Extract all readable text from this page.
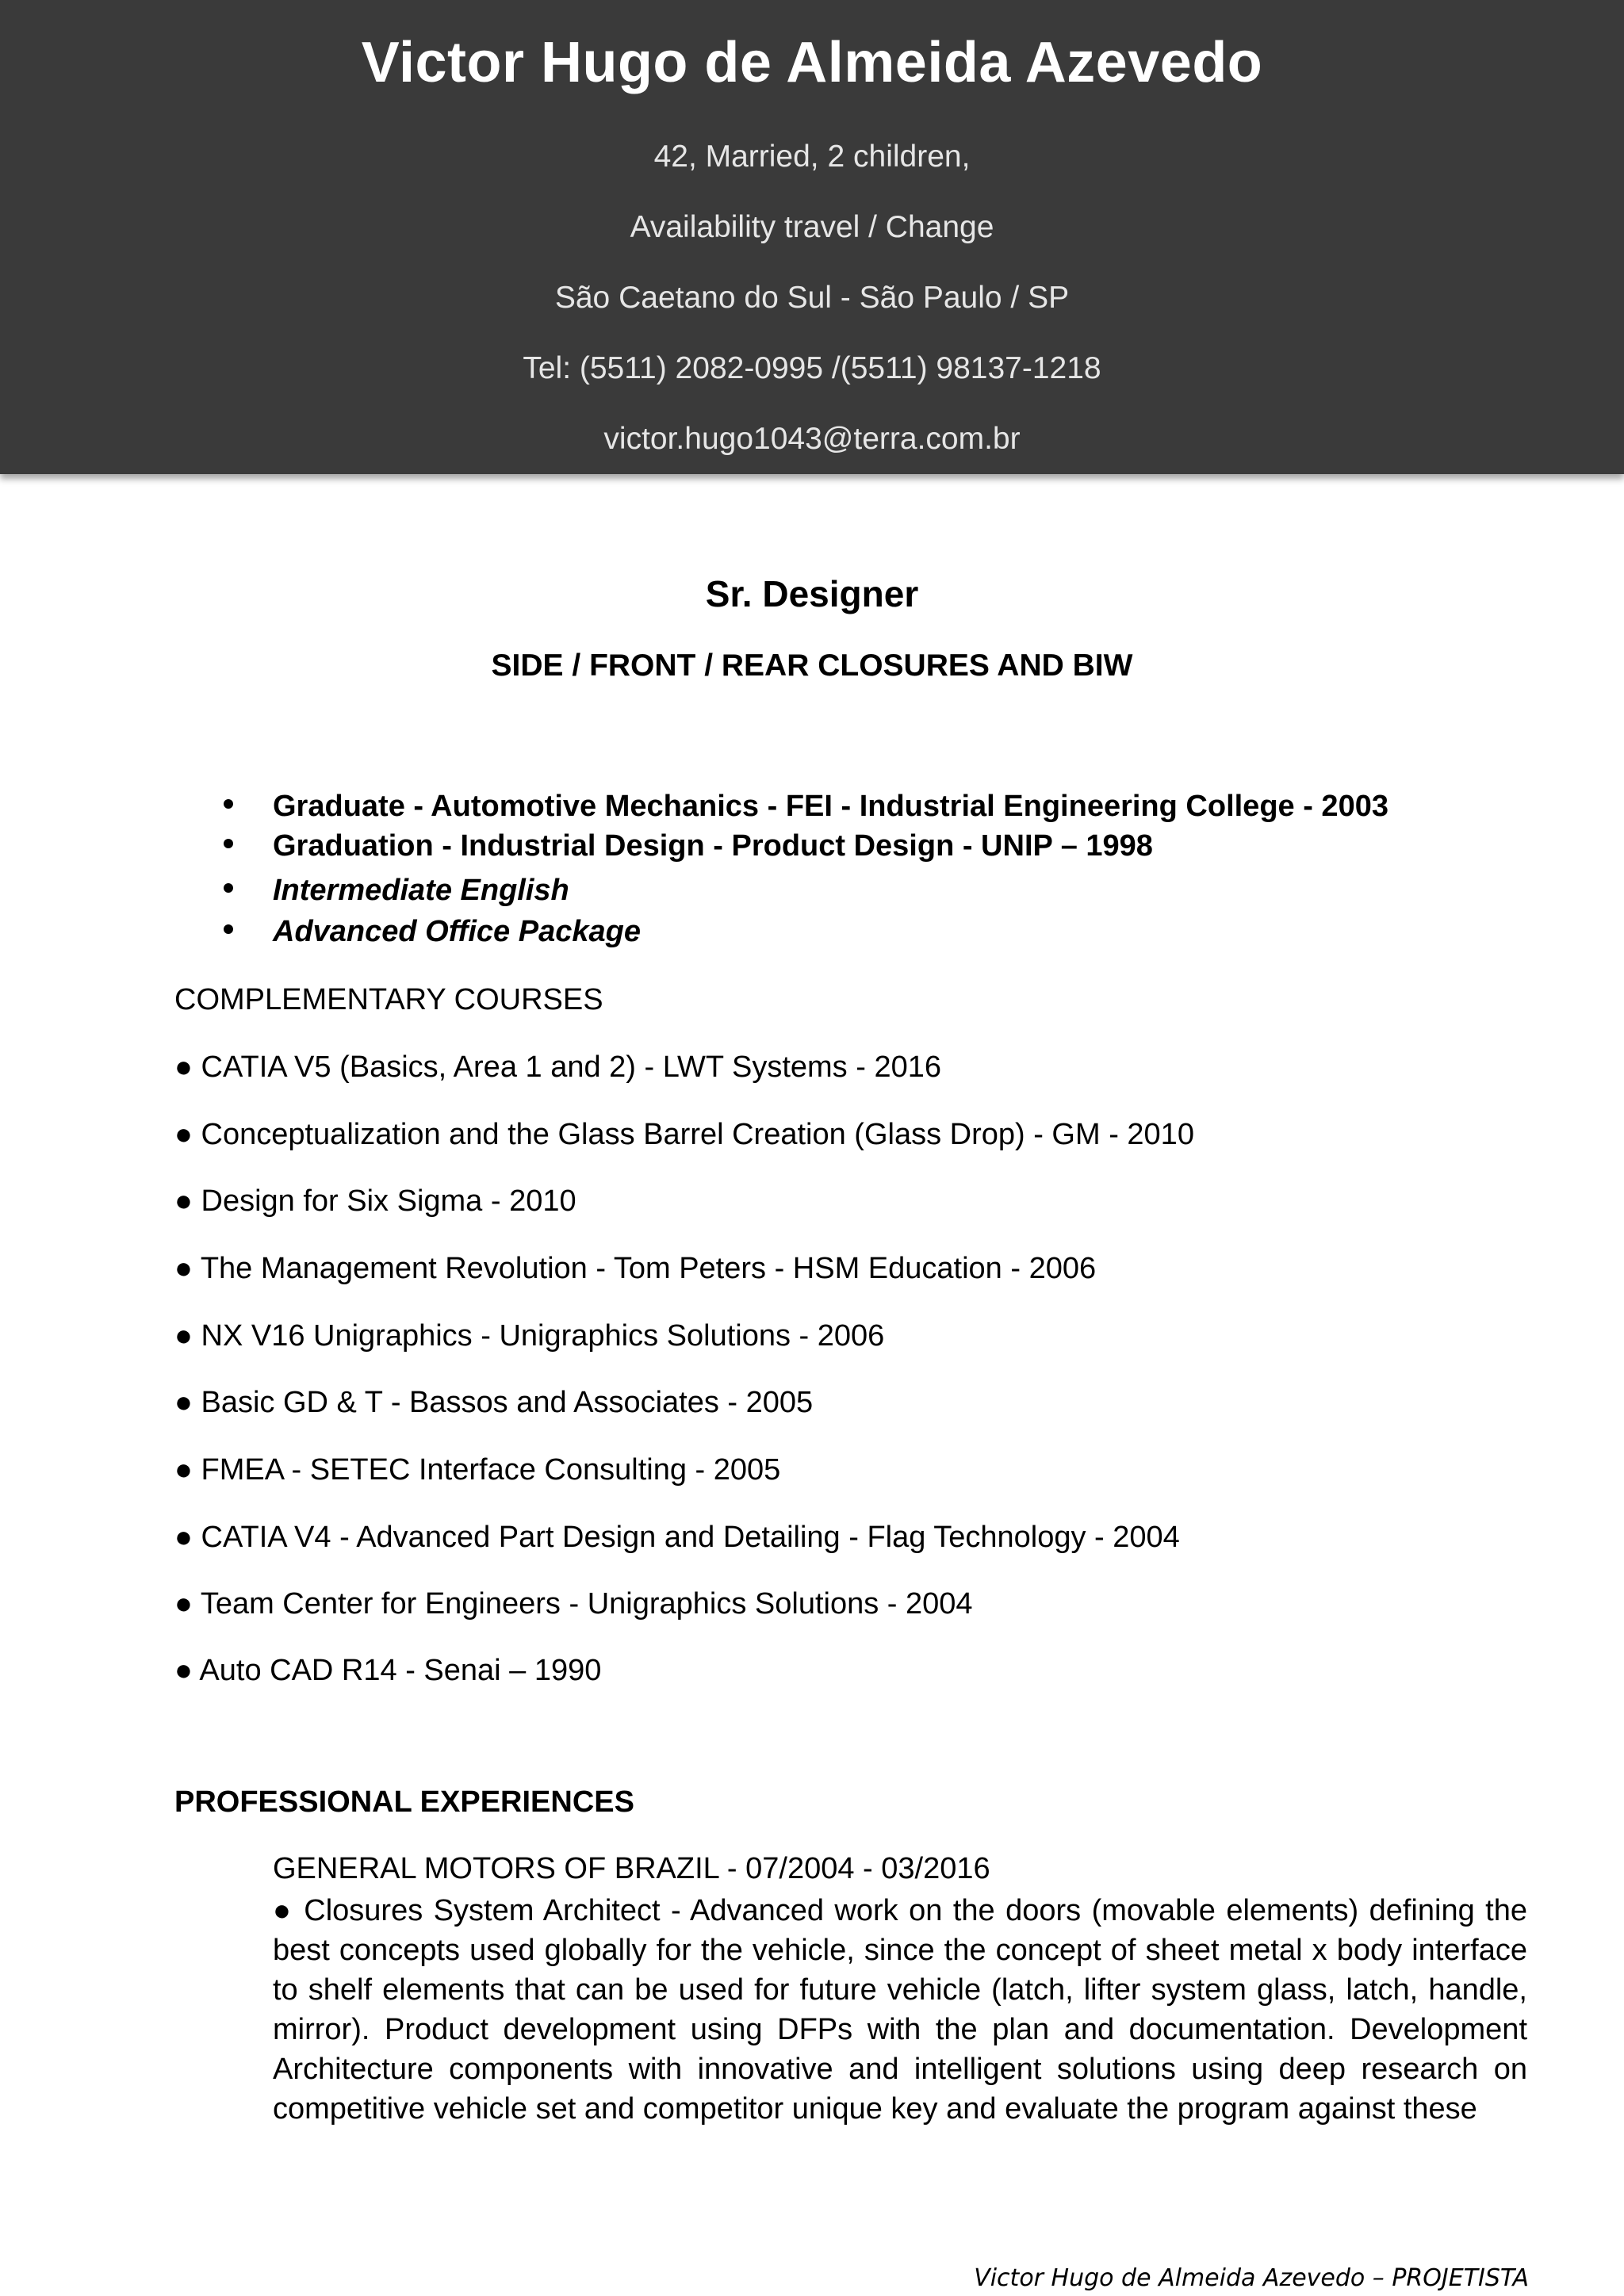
Victor Hugo de Almeida Azevedo
42, Married, 2 children,
Availability travel / Change
São Caetano do Sul - São Paulo / SP
Tel: (5511) 2082-0995 /(5511) 98137-1218
victor.hugo1043@terra.com.br
Sr. Designer
SIDE / FRONT / REAR CLOSURES AND BIW
Graduate - Automotive Mechanics - FEI - Industrial Engineering College - 2003
Graduation - Industrial Design - Product Design - UNIP – 1998
Intermediate English
Advanced Office Package
COMPLEMENTARY COURSES
● CATIA V5 (Basics, Area 1 and 2) - LWT Systems - 2016
● Conceptualization and the Glass Barrel Creation (Glass Drop) - GM - 2010
● Design for Six Sigma - 2010
● The Management Revolution - Tom Peters - HSM Education - 2006
● NX V16 Unigraphics - Unigraphics Solutions - 2006
● Basic GD & T - Bassos and Associates - 2005
● FMEA - SETEC Interface Consulting - 2005
● CATIA V4 - Advanced Part Design and Detailing - Flag Technology - 2004
● Team Center for Engineers - Unigraphics Solutions - 2004
● Auto CAD R14 - Senai – 1990
PROFESSIONAL EXPERIENCES
GENERAL MOTORS OF BRAZIL - 07/2004 - 03/2016
● Closures System Architect - Advanced work on the doors (movable elements) defining the best concepts used globally for the vehicle, since the concept of sheet metal x body interface to shelf elements that can be used for future vehicle (latch, lifter system glass, latch, handle, mirror). Product development using DFPs with the plan and documentation. Development Architecture components with innovative and intelligent solutions using deep research on competitive vehicle set and competitor unique key and evaluate the program against these
Victor Hugo de Almeida Azevedo – PROJETISTA
